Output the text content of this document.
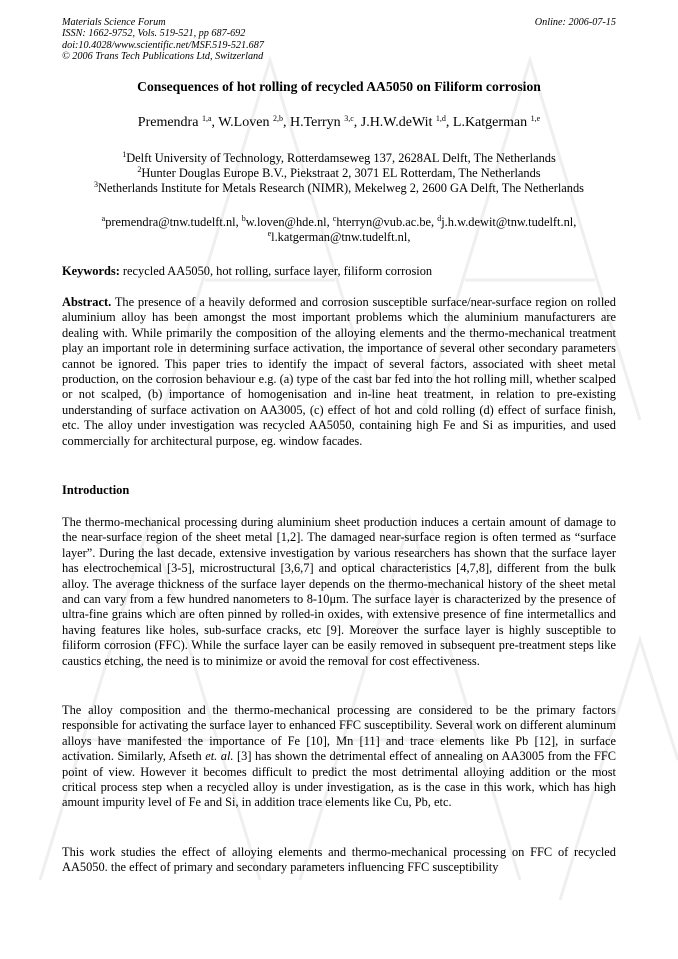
Materials Science Forum
ISSN: 1662-9752, Vols. 519-521, pp 687-692
doi:10.4028/www.scientific.net/MSF.519-521.687
© 2006 Trans Tech Publications Ltd, Switzerland
Online: 2006-07-15
Consequences of hot rolling of recycled AA5050 on Filiform corrosion
Premendra $^{1,a}$, W.Loven $^{2,b}$, H.Terryn $^{3,c}$, J.H.W.deWit $^{1,d}$, L.Katgerman $^{1,e}$
$^1$Delft University of Technology, Rotterdamseweg 137, 2628AL Delft, The Netherlands
$^2$Hunter Douglas Europe B.V., Piekstraat 2, 3071 EL Rotterdam, The Netherlands
$^3$Netherlands Institute for Metals Research (NIMR), Mekelweg 2, 2600 GA Delft, The Netherlands
$^a$premendra@tnw.tudelft.nl, $^b$w.loven@hde.nl, $^c$hterryn@vub.ac.be, $^d$j.h.w.dewit@tnw.tudelft.nl,
$^e$l.katgerman@tnw.tudelft.nl,

Keywords: recycled AA5050, hot rolling, surface layer, filiform corrosion

Abstract. The presence of a heavily deformed and corrosion susceptible surface/near-surface region on rolled aluminium alloy has been amongst the most important problems which the aluminium manufacturers are dealing with. While primarily the composition of the alloying elements and the thermo-mechanical treatment play an important role in determining surface activation, the importance of several other secondary parameters cannot be ignored. This paper tries to identify the impact of several factors, associated with sheet metal production, on the corrosion behaviour e.g. (a) type of the cast bar fed into the hot rolling mill, whether scalped or not scalped, (b) importance of homogenisation and in-line heat treatment, in relation to pre-existing understanding of surface activation on AA3005, (c) effect of hot and cold rolling (d) effect of surface finish, etc. The alloy under investigation was recycled AA5050, containing high Fe and Si as impurities, and used commercially for architectural purpose, eg. window facades.

Introduction

The thermo-mechanical processing during aluminium sheet production induces a certain amount of damage to the near-surface region of the sheet metal [1,2]. The damaged near-surface region is often termed as “surface layer”. During the last decade, extensive investigation by various researchers has shown that the surface layer has electrochemical [3-5], microstructural [3,6,7] and optical characteristics [4,7,8], different from the bulk alloy. The average thickness of the surface layer depends on the thermo-mechanical history of the sheet metal and can vary from a few hundred nanometers to 8-10μm. The surface layer is characterized by the presence of ultra-fine grains which are often pinned by rolled-in oxides, with extensive presence of fine intermetallics and having features like holes, sub-surface cracks, etc [9]. Moreover the surface layer is highly susceptible to filiform corrosion (FFC). While the surface layer can be easily removed in subsequent pre-treatment steps like caustics etching, the need is to minimize or avoid the removal for cost effectiveness.

The alloy composition and the thermo-mechanical processing are considered to be the primary factors responsible for activating the surface layer to enhanced FFC susceptibility. Several work on different aluminum alloys have manifested the importance of Fe [10], Mn [11] and trace elements like Pb [12], in surface activation. Similarly, Afseth et. al. [3] has shown the detrimental effect of annealing on AA3005 from the FFC point of view. However it becomes difficult to predict the most detrimental alloying addition or the most critical process step when a recycled alloy is under investigation, as is the case in this work, which has high amount impurity level of Fe and Si, in addition trace elements like Cu, Pb, etc.

This work studies the effect of alloying elements and thermo-mechanical processing on FFC of recycled AA5050. the effect of primary and secondary parameters influencing FFC susceptibility
